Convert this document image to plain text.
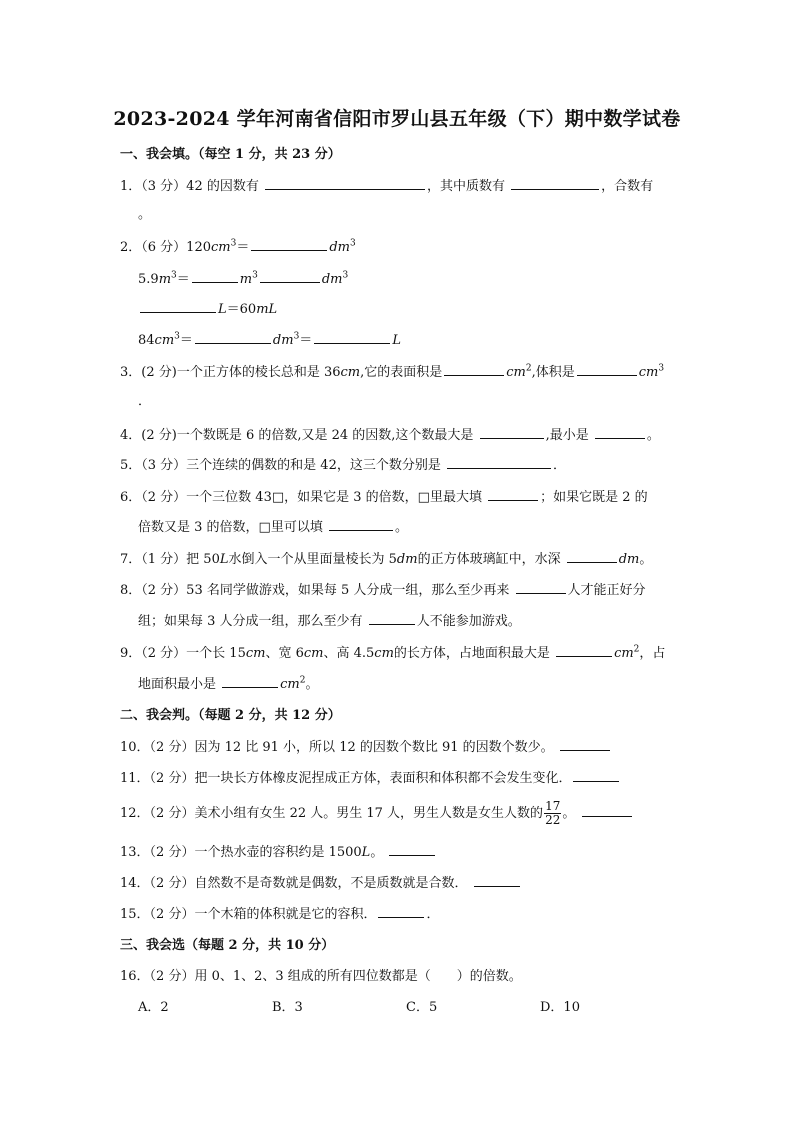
2023-2024 学年河南省信阳市罗山县五年级（下）期中数学试卷
一、我会填。（每空 1 分，共 23 分）
1．（3 分）42 的因数有	，其中质数有	，合数有
。
2．（6 分）$120cm^3=$	$dm^3$
$5.9m^3=$	$m^3$	$dm^3$
L＝60mL
$84cm^3=$	$dm^3=$	L
3．(2 分)一个正方体的棱长总和是 36cm,它的表面积是	$cm^2$,体积是	$cm^3$
．
4．(2 分)一个数既是 6 的倍数,又是 24 的因数,这个数最大是	,最小是	。
5．（3 分）三个连续的偶数的和是 42，这三个数分别是	．
6．（2 分）一个三位数 43□，如果它是 3 的倍数，□里最大填	；如果它既是 2 的
倍数又是 3 的倍数，□里可以填	。
7．（1 分）把 50L水倒入一个从里面量棱长为 5dm的正方体玻璃缸中，水深	dm。
8．（2 分）53 名同学做游戏，如果每 5 人分成一组，那么至少再来	人才能正好分
组；如果每 3 人分成一组，那么至少有	人不能参加游戏。
9．（2 分）一个长 15cm、宽 6cm、高 4.5cm的长方体，占地面积最大是	$cm^2$，占
地面积最小是	$cm^2$。
二、我会判。（每题 2 分，共 12 分）
10．（2 分）因为 12 比 91 小，所以 12 的因数个数比 91 的因数个数少。
11．（2 分）把一块长方体橡皮泥捏成正方体，表面积和体积都不会发生变化．
12．（2 分）美术小组有女生 22 人。男生 17 人，男生人数是女生人数的 $\frac{17}{22}$ 。
13．（2 分）一个热水壶的容积约是 1500L。
14．（2 分）自然数不是奇数就是偶数，不是质数就是合数．
15．（2 分）一个木箱的体积就是它的容积．	．
三、我会选（每题 2 分，共 10 分）
16．（2 分）用 0、1、2、3 组成的所有四位数都是（　　）的倍数。
A．2	B．3	C．5	D．10
